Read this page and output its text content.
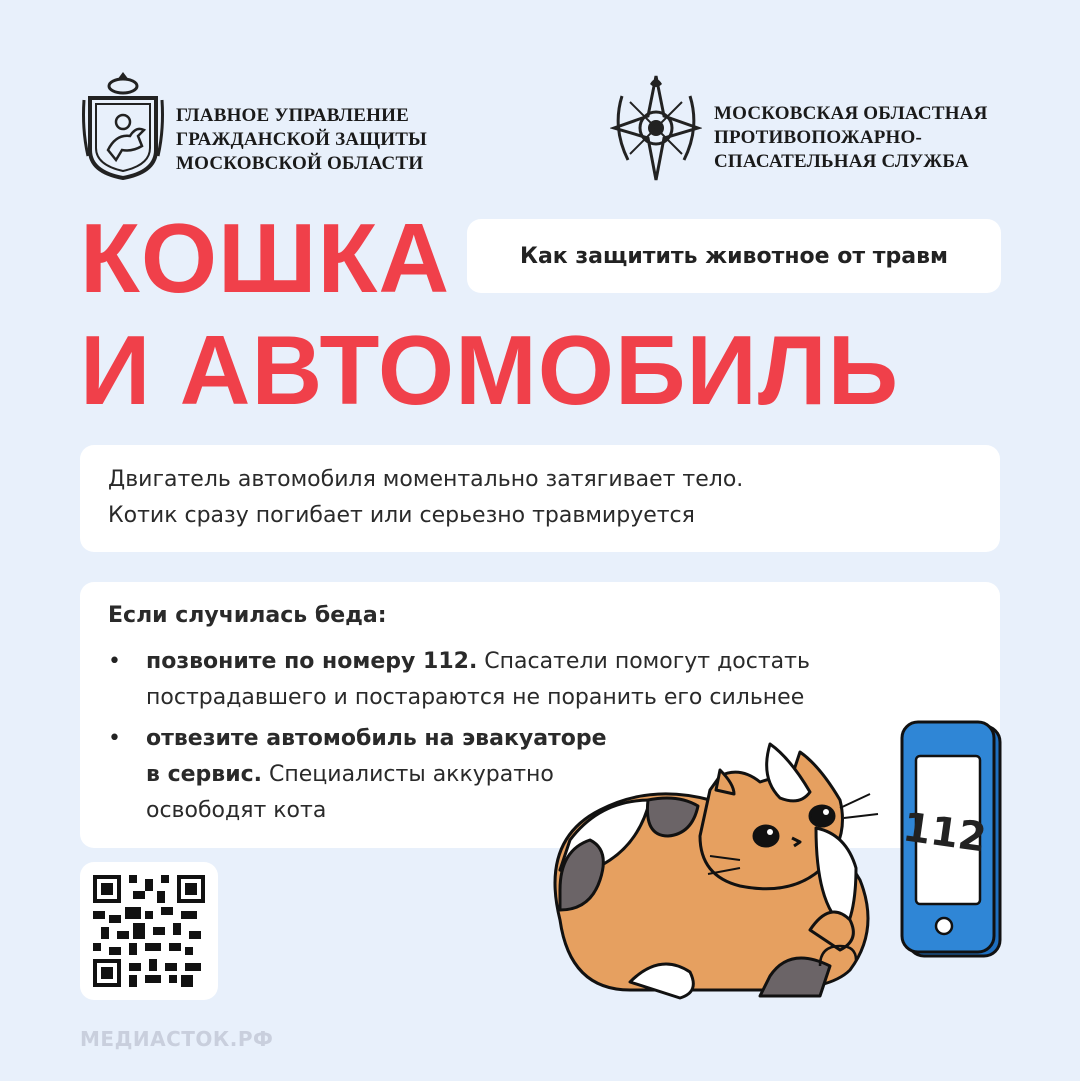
ГЛАВНОЕ УПРАВЛЕНИЕ
ГРАЖДАНСКОЙ ЗАЩИТЫ
МОСКОВСКОЙ ОБЛАСТИ
МОСКОВСКАЯ ОБЛАСТНАЯ
ПРОТИВОПОЖАРНО-
СПАСАТЕЛЬНАЯ СЛУЖБА
КОШКА
И АВТОМОБИЛЬ
Как защитить животное от травм
Двигатель автомобиля моментально затягивает тело.
Котик сразу погибает или серьезно травмируется
Если случилась беда:
•	позвоните по номеру 112. Спасатели помогут достать
пострадавшего и постараются не поранить его сильнее
•	отвезите автомобиль на эвакуаторе
в сервис. Специалисты аккуратно
освободят кота	112
МЕДИАСТОК.РФ
